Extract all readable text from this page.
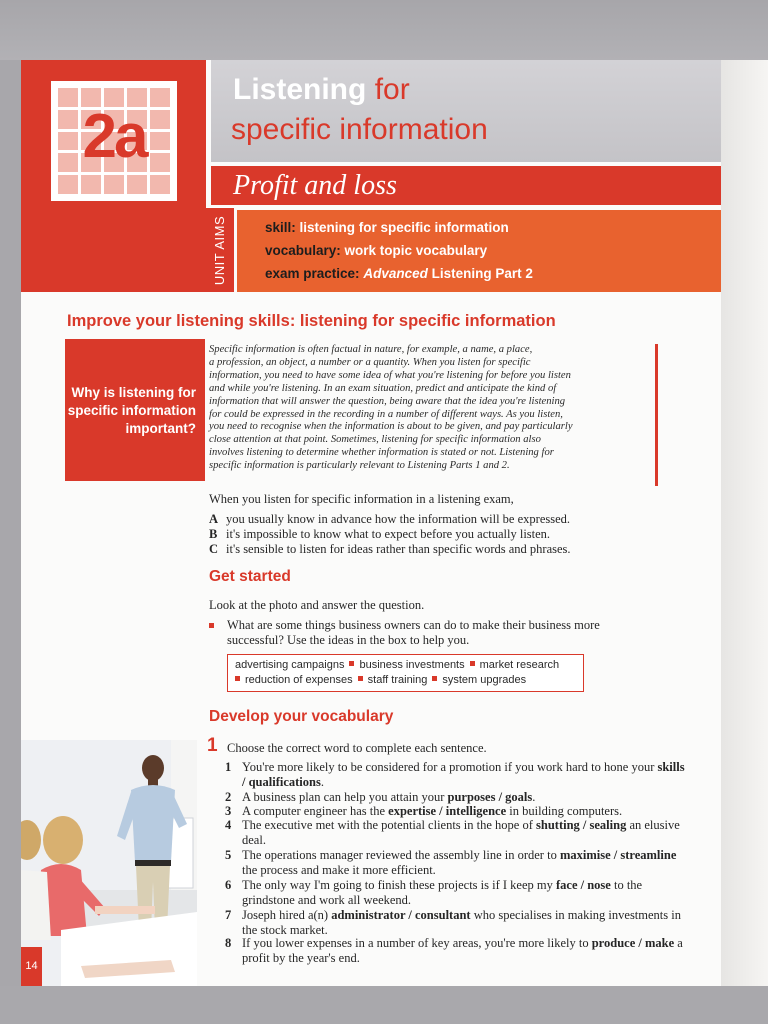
2a
UNIT AIMS
Listening for
specific information
Profit and loss
skill: listening for specific information
vocabulary: work topic vocabulary
exam practice: Advanced Listening Part 2
Improve your listening skills: listening for specific information
Why is listening for specific information important?
Specific information is often factual in nature, for example, a name, a place,
a profession, an object, a number or a quantity. When you listen for specific
information, you need to have some idea of what you're listening for before you listen
and while you're listening. In an exam situation, predict and anticipate the kind of
information that will answer the question, being aware that the idea you're listening
for could be expressed in the recording in a number of different ways. As you listen,
you need to recognise when the information is about to be given, and pay particularly
close attention at that point. Sometimes, listening for specific information also
involves listening to determine whether information is stated or not. Listening for
specific information is particularly relevant to Listening Parts 1 and 2.
When you listen for specific information in a listening exam,
A you usually know in advance how the information will be expressed.
B it's impossible to know what to expect before you actually listen.
C it's sensible to listen for ideas rather than specific words and phrases.
Get started
Look at the photo and answer the question.
What are some things business owners can do to make their business more
successful? Use the ideas in the box to help you.
advertising campaigns business investments market research
reduction of expenses staff training system upgrades
Develop your vocabulary
1 Choose the correct word to complete each sentence.
1 You're more likely to be considered for a promotion if you work hard to hone your skills / qualifications.
2 A business plan can help you attain your purposes / goals.
3 A computer engineer has the expertise / intelligence in building computers.
4 The executive met with the potential clients in the hope of shutting / sealing an elusive deal.
5 The operations manager reviewed the assembly line in order to maximise / streamline the process and make it more efficient.
6 The only way I'm going to finish these projects is if I keep my face / nose to the grindstone and work all weekend.
7 Joseph hired a(n) administrator / consultant who specialises in making investments in the stock market.
8 If you lower expenses in a number of key areas, you're more likely to produce / make a profit by the year's end.
14
